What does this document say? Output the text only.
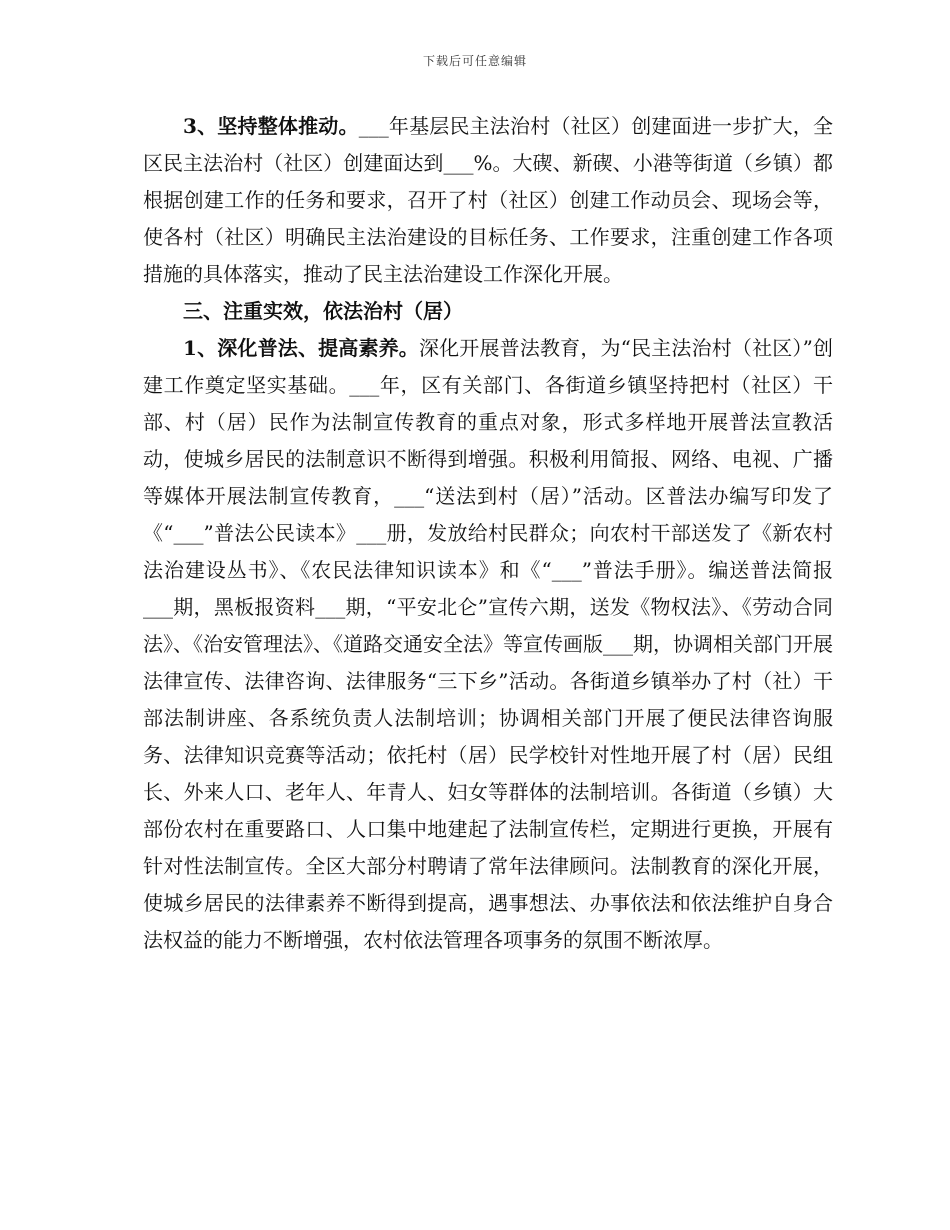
下载后可任意编辑

3、坚持整体推动。___年基层民主法治村（社区）创建面进一步扩大，全区民主法治村（社区）创建面达到___%。大碶、新碶、小港等街道（乡镇）都根据创建工作的任务和要求，召开了村（社区）创建工作动员会、现场会等，使各村（社区）明确民主法治建设的目标任务、工作要求，注重创建工作各项措施的具体落实，推动了民主法治建设工作深化开展。

三、注重实效，依法治村（居）

1、深化普法、提高素养。深化开展普法教育，为“民主法治村（社区）”创建工作奠定坚实基础。___年，区有关部门、各街道乡镇坚持把村（社区）干部、村（居）民作为法制宣传教育的重点对象，形式多样地开展普法宣教活动，使城乡居民的法制意识不断得到增强。积极利用简报、网络、电视、广播等媒体开展法制宣传教育，___“送法到村（居）”活动。区普法办编写印发了《“___”普法公民读本》___册，发放给村民群众；向农村干部送发了《新农村法治建设丛书》、《农民法律知识读本》和《“___”普法手册》。编送普法简报___期，黑板报资料___期，“平安北仑”宣传六期，送发《物权法》、《劳动合同法》、《治安管理法》、《道路交通安全法》等宣传画版___期，协调相关部门开展法律宣传、法律咨询、法律服务“三下乡”活动。各街道乡镇举办了村（社）干部法制讲座、各系统负责人法制培训；协调相关部门开展了便民法律咨询服务、法律知识竞赛等活动；依托村（居）民学校针对性地开展了村（居）民组长、外来人口、老年人、年青人、妇女等群体的法制培训。各街道（乡镇）大部份农村在重要路口、人口集中地建起了法制宣传栏，定期进行更换，开展有针对性法制宣传。全区大部分村聘请了常年法律顾问。法制教育的深化开展，使城乡居民的法律素养不断得到提高，遇事想法、办事依法和依法维护自身合法权益的能力不断增强，农村依法管理各项事务的氛围不断浓厚。
